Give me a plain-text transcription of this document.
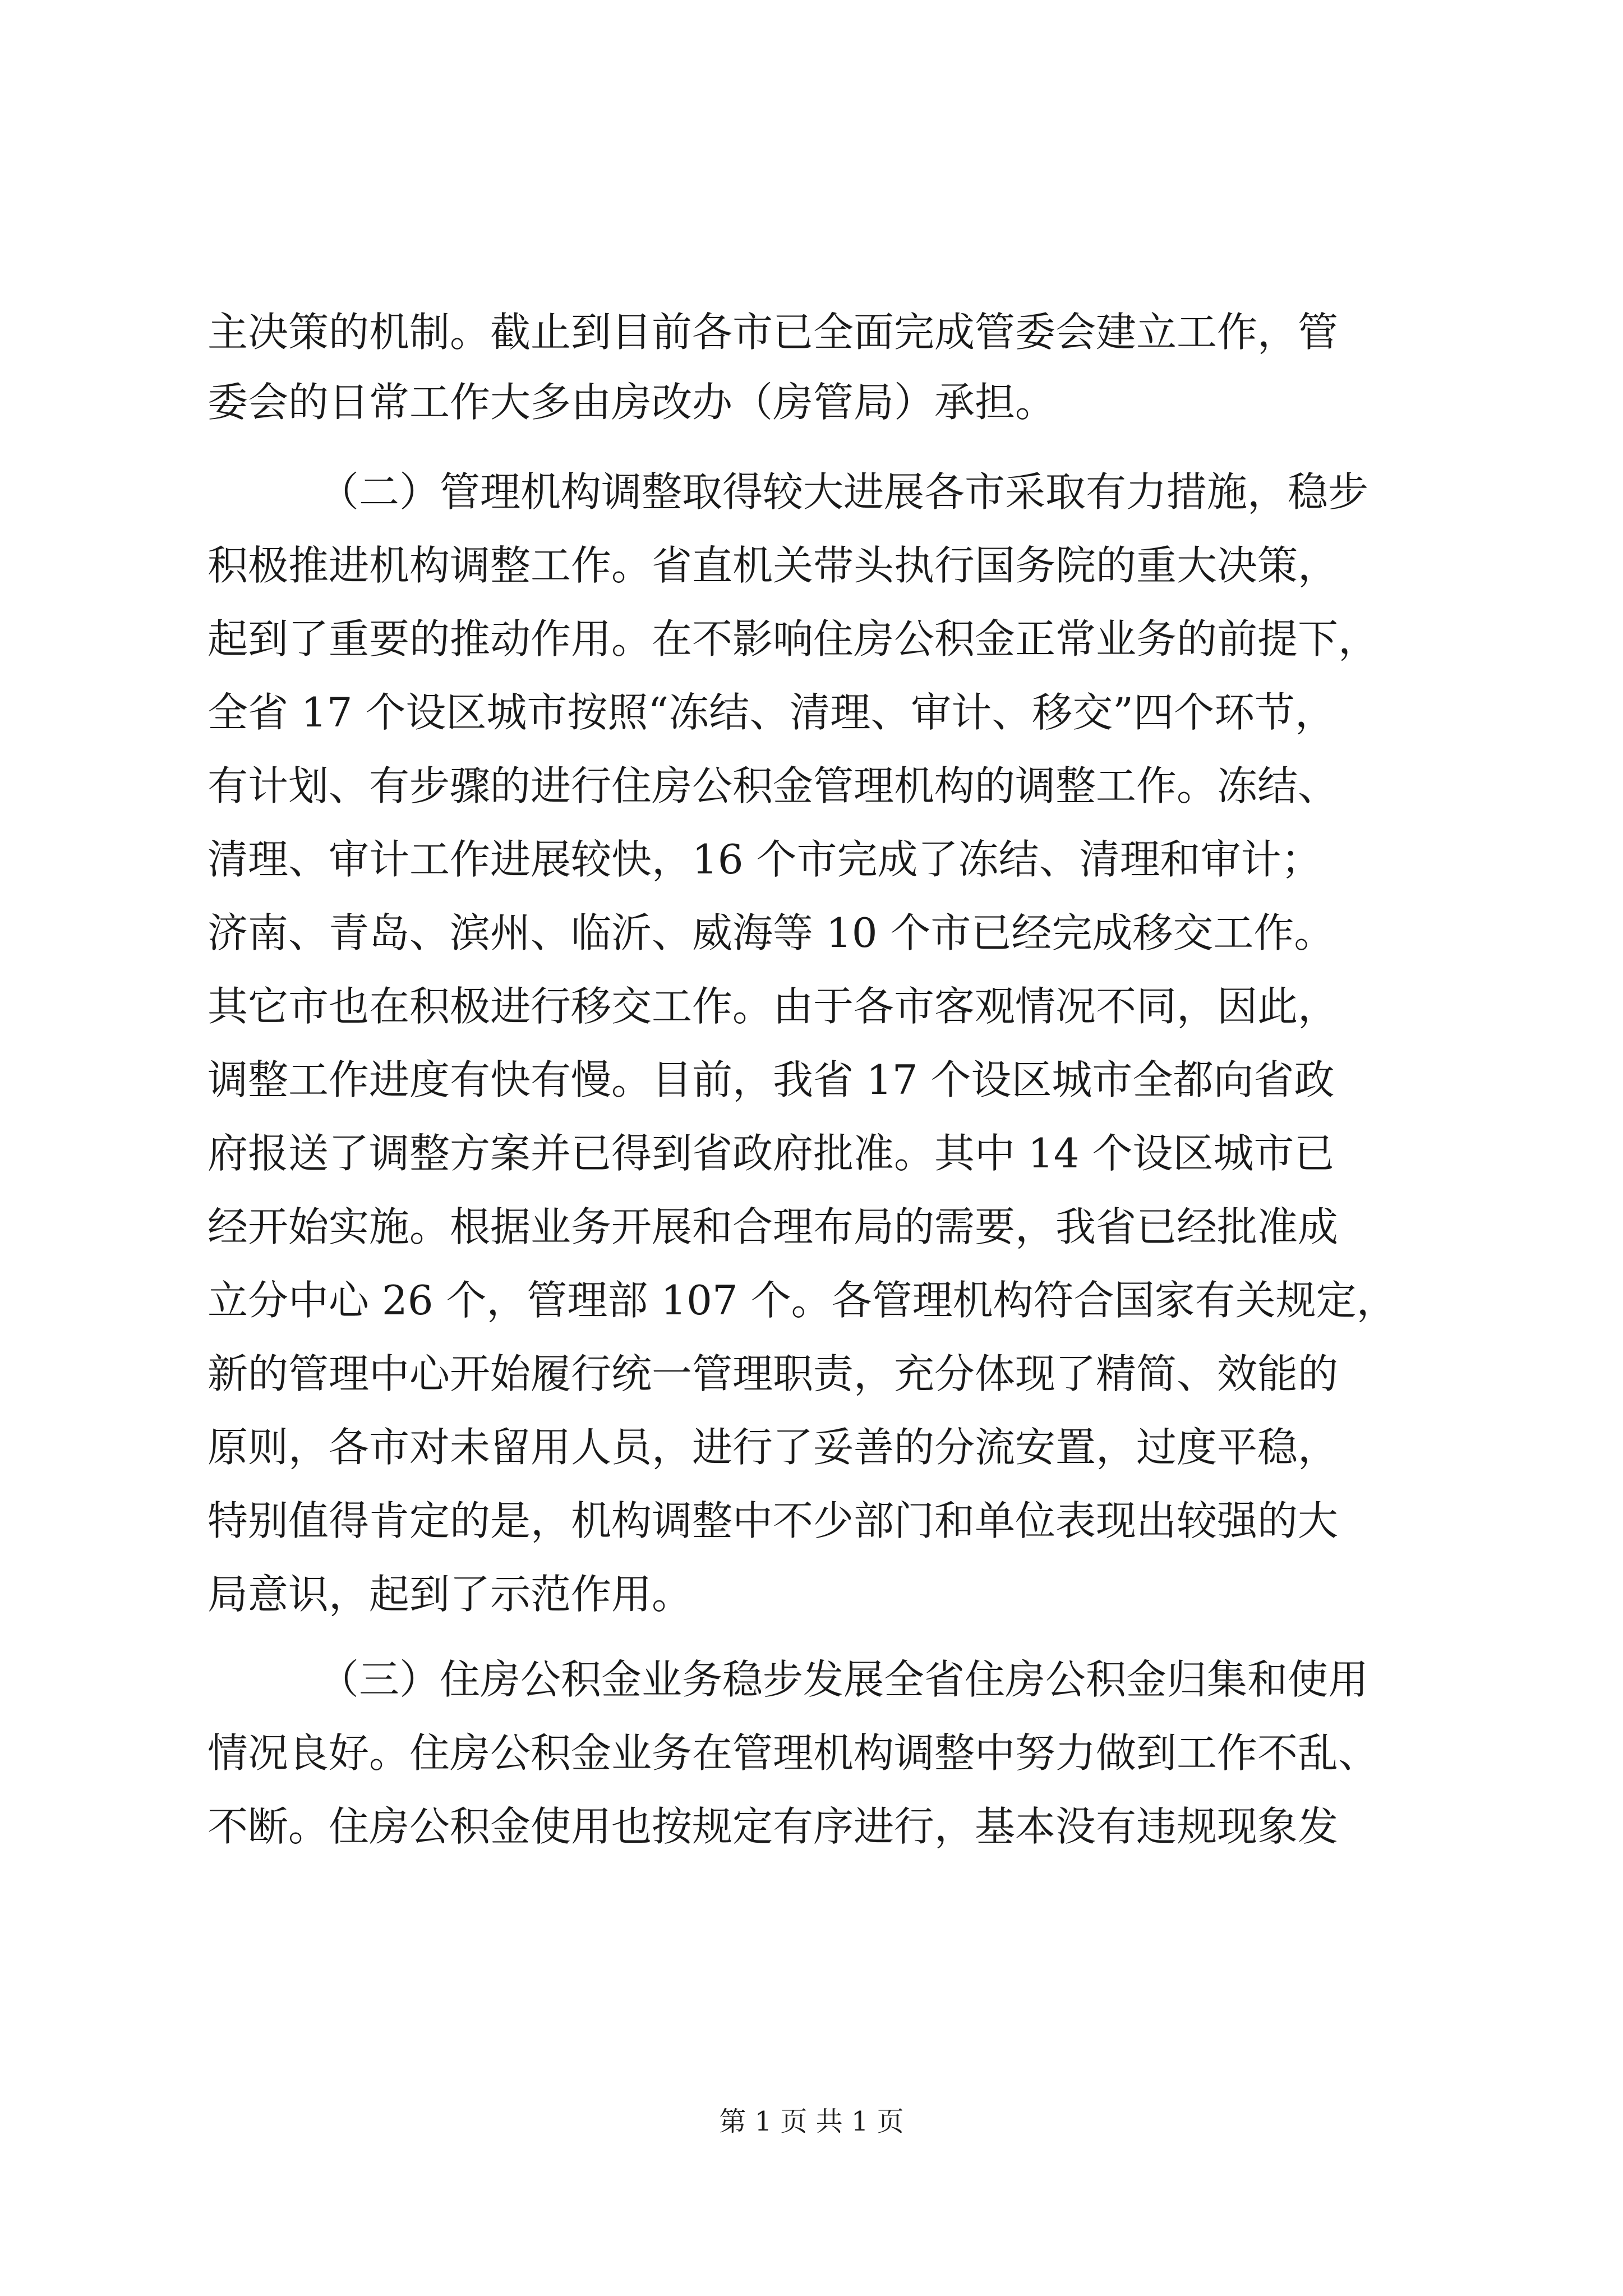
主决策的机制。截止到目前各市已全面完成管委会建立工作，管
委会的日常工作大多由房改办（房管局）承担。
（二）管理机构调整取得较大进展各市采取有力措施，稳步
积极推进机构调整工作。省直机关带头执行国务院的重大决策，
起到了重要的推动作用。在不影响住房公积金正常业务的前提下，
全省 17 个设区城市按照“冻结、清理、审计、移交”四个环节，
有计划、有步骤的进行住房公积金管理机构的调整工作。冻结、
清理、审计工作进展较快，16 个市完成了冻结、清理和审计；
济南、青岛、滨州、临沂、威海等 10 个市已经完成移交工作。
其它市也在积极进行移交工作。由于各市客观情况不同，因此，
调整工作进度有快有慢。目前，我省 17 个设区城市全都向省政
府报送了调整方案并已得到省政府批准。其中 14 个设区城市已
经开始实施。根据业务开展和合理布局的需要，我省已经批准成
立分中心 26 个，管理部 107 个。各管理机构符合国家有关规定，
新的管理中心开始履行统一管理职责，充分体现了精简、效能的
原则，各市对未留用人员，进行了妥善的分流安置，过度平稳，
特别值得肯定的是，机构调整中不少部门和单位表现出较强的大
局意识，起到了示范作用。
（三）住房公积金业务稳步发展全省住房公积金归集和使用
情况良好。住房公积金业务在管理机构调整中努力做到工作不乱、
不断。住房公积金使用也按规定有序进行，基本没有违规现象发
第 1 页 共 1 页
